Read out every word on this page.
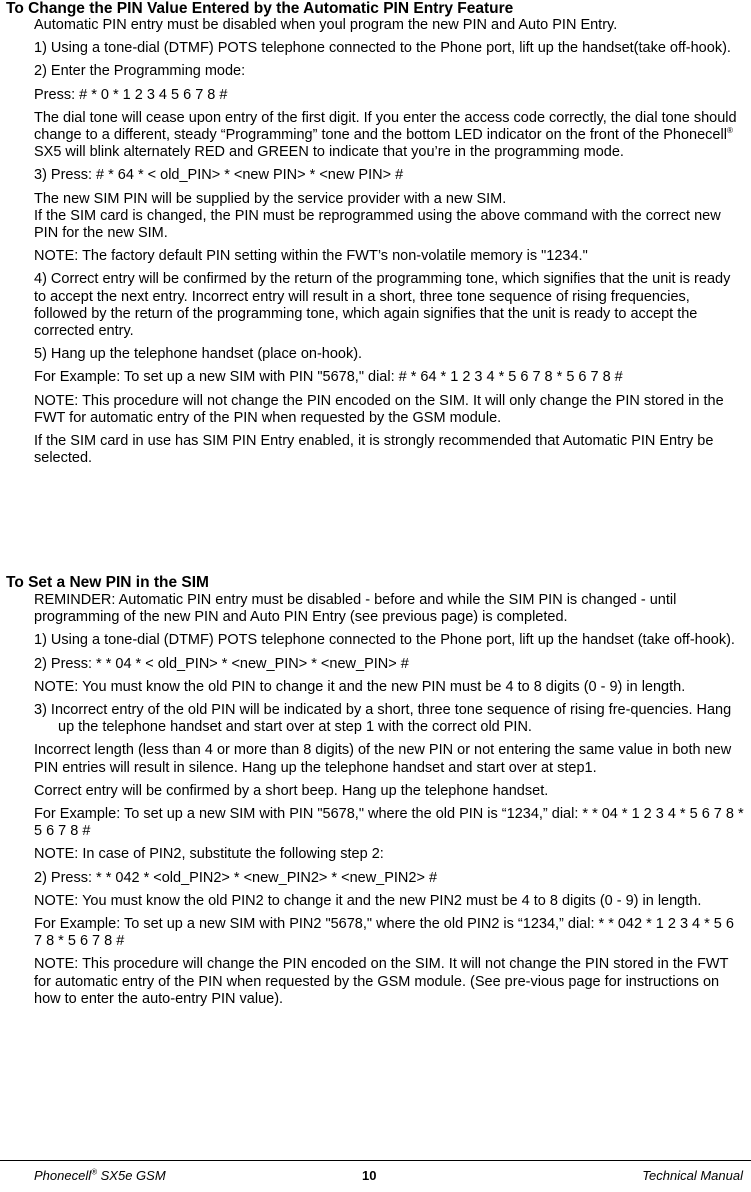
To Change the PIN Value Entered by the Automatic PIN Entry Feature

Automatic PIN entry must be disabled when youl program the new PIN and Auto PIN Entry.

1) Using a tone-dial (DTMF) POTS telephone connected to the Phone port, lift up the handset(take off-hook).

2) Enter the Programming mode:

Press: # * 0 * 1 2 3 4 5 6 7 8 #

The dial tone will cease upon entry of the first digit. If you enter the access code correctly, the dial tone should change to a different, steady “Programming” tone and the bottom LED indicator on the front of the Phonecell® SX5 will blink alternately RED and GREEN to indicate that you’re in the programming mode.

3) Press: # * 64 * < old_PIN> * <new PIN> * <new PIN> #

The new SIM PIN will be supplied by the service provider with a new SIM.
If the SIM card is changed, the PIN must be reprogrammed using the above command with the correct new PIN for the new SIM.

NOTE: The factory default PIN setting within the FWT’s non-volatile memory is "1234."

4) Correct entry will be confirmed by the return of the programming tone, which signifies that the unit is ready to accept the next entry. Incorrect entry will result in a short, three tone sequence of rising frequencies, followed by the return of the programming tone, which again signifies that the unit is ready to accept the corrected entry.

5) Hang up the telephone handset (place on-hook).

For Example: To set up a new SIM with PIN "5678," dial: # * 64 * 1 2 3 4 * 5 6 7 8 * 5 6 7 8 #

NOTE: This procedure will not change the PIN encoded on the SIM. It will only change the PIN stored in the FWT for automatic entry of the PIN when requested by the GSM module.

If the SIM card in use has SIM PIN Entry enabled, it is strongly recommended that Automatic PIN Entry be selected.

To Set a New PIN in the SIM

REMINDER: Automatic PIN entry must be disabled - before and while the SIM PIN is changed - until programming of the new PIN and Auto PIN Entry (see previous page) is completed.

1) Using a tone-dial (DTMF) POTS telephone connected to the Phone port, lift up the handset (take off-hook).

2) Press: * * 04 * < old_PIN> * <new_PIN> * <new_PIN> #

NOTE: You must know the old PIN to change it and the new PIN must be 4 to 8 digits (0 - 9) in length.

3) Incorrect entry of the old PIN will be indicated by a short, three tone sequence of rising fre-quencies. Hang up the telephone handset and start over at step 1 with the correct old PIN.

Incorrect length (less than 4 or more than 8 digits) of the new PIN or not entering the same value in both new PIN entries will result in silence. Hang up the telephone handset and start over at step1.

Correct entry will be confirmed by a short beep. Hang up the telephone handset.

For Example: To set up a new SIM with PIN "5678," where the old PIN is “1234,” dial: * * 04 * 1 2 3 4 * 5 6 7 8 * 5 6 7 8 #

NOTE: In case of PIN2, substitute the following step 2:

2) Press: * * 042 * <old_PIN2> * <new_PIN2> * <new_PIN2> #

NOTE: You must know the old PIN2 to change it and the new PIN2 must be 4 to 8 digits (0 - 9) in length.

For Example: To set up a new SIM with PIN2 "5678," where the old PIN2 is “1234,” dial: * * 042 * 1 2 3 4 * 5 6 7 8 * 5 6 7 8 #

NOTE: This procedure will change the PIN encoded on the SIM. It will not change the PIN stored in the FWT for automatic entry of the PIN when requested by the GSM module. (See pre-vious page for instructions on how to enter the auto-entry PIN value).

Phonecell® SX5e GSM	10	Technical Manual
